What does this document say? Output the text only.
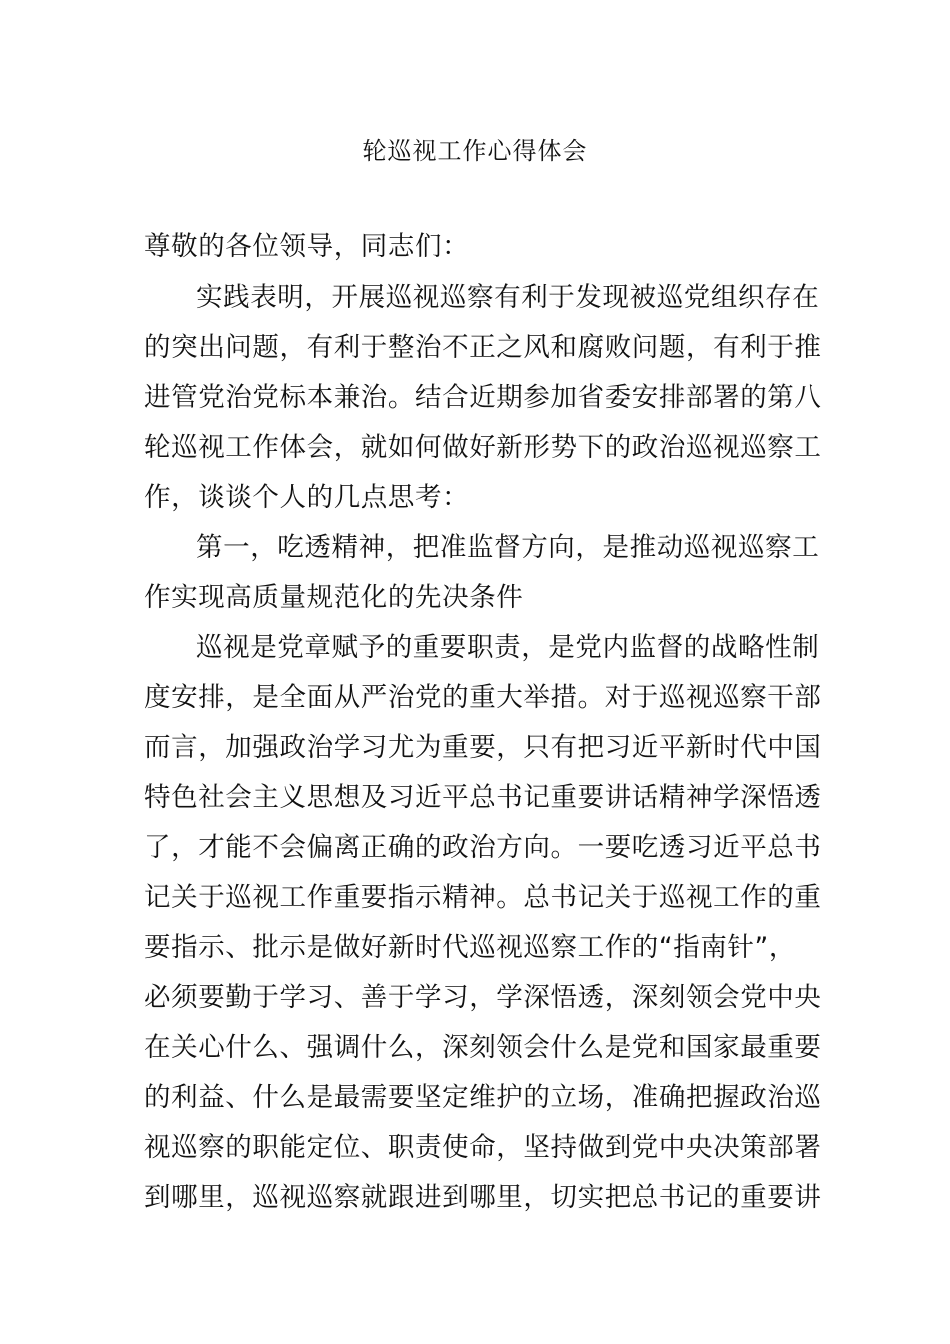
轮巡视工作心得体会
尊敬的各位领导，同志们：
实践表明，开展巡视巡察有利于发现被巡党组织存在
的突出问题，有利于整治不正之风和腐败问题，有利于推
进管党治党标本兼治。结合近期参加省委安排部署的第八
轮巡视工作体会，就如何做好新形势下的政治巡视巡察工
作，谈谈个人的几点思考：
第一，吃透精神，把准监督方向，是推动巡视巡察工
作实现高质量规范化的先决条件
巡视是党章赋予的重要职责，是党内监督的战略性制
度安排，是全面从严治党的重大举措。对于巡视巡察干部
而言，加强政治学习尤为重要，只有把习近平新时代中国
特色社会主义思想及习近平总书记重要讲话精神学深悟透
了，才能不会偏离正确的政治方向。一要吃透习近平总书
记关于巡视工作重要指示精神。总书记关于巡视工作的重
要指示、批示是做好新时代巡视巡察工作的“指南针”，
必须要勤于学习、善于学习，学深悟透，深刻领会党中央
在关心什么、强调什么，深刻领会什么是党和国家最重要
的利益、什么是最需要坚定维护的立场，准确把握政治巡
视巡察的职能定位、职责使命，坚持做到党中央决策部署
到哪里，巡视巡察就跟进到哪里，切实把总书记的重要讲
